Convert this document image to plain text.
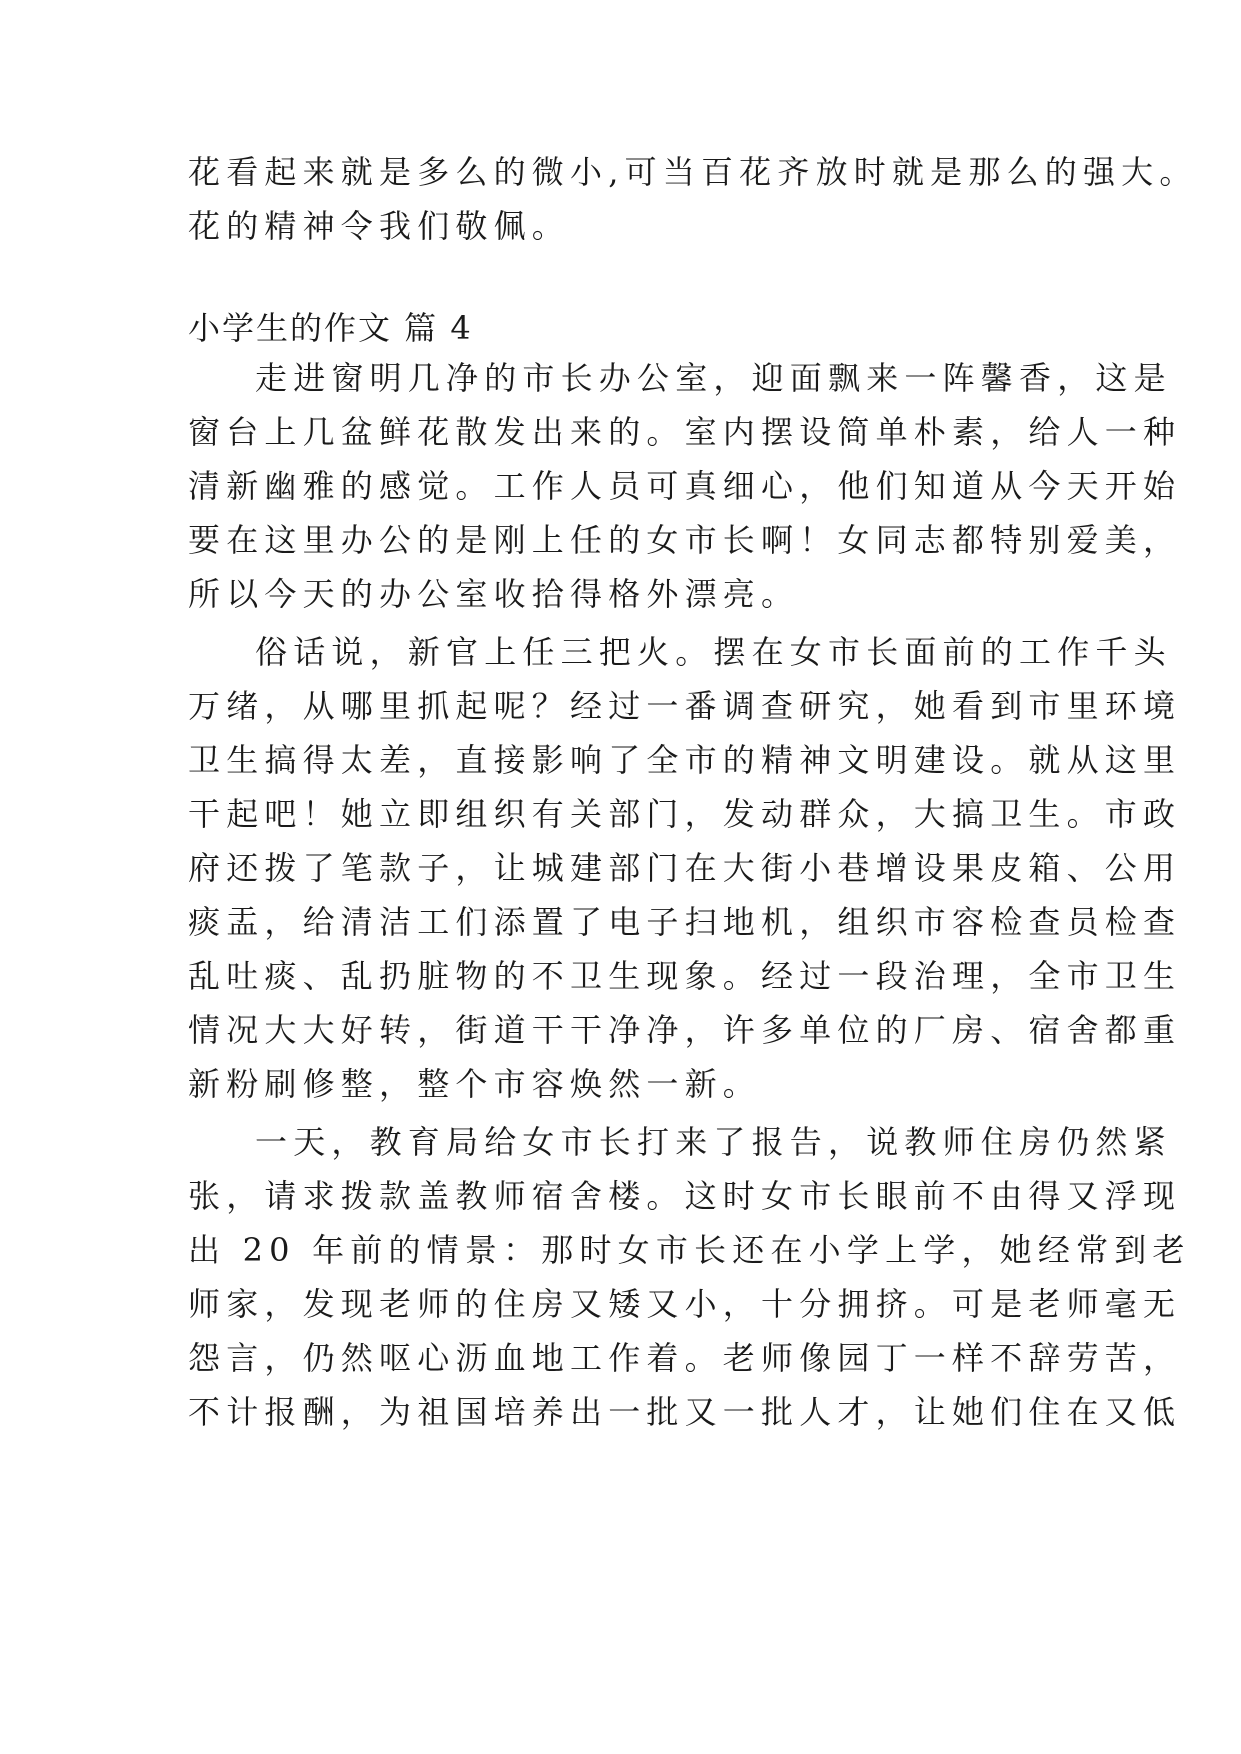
花看起来就是多么的微小,可当百花齐放时就是那么的强大。
花的精神令我们敬佩。
小学生的作文 篇 4
走进窗明几净的市长办公室，迎面飘来一阵馨香，这是
窗台上几盆鲜花散发出来的。室内摆设简单朴素，给人一种
清新幽雅的感觉。工作人员可真细心，他们知道从今天开始
要在这里办公的是刚上任的女市长啊！女同志都特别爱美，
所以今天的办公室收拾得格外漂亮。
俗话说，新官上任三把火。摆在女市长面前的工作千头
万绪，从哪里抓起呢？经过一番调查研究，她看到市里环境
卫生搞得太差，直接影响了全市的精神文明建设。就从这里
干起吧！她立即组织有关部门，发动群众，大搞卫生。市政
府还拨了笔款子，让城建部门在大街小巷增设果皮箱、公用
痰盂，给清洁工们添置了电子扫地机，组织市容检查员检查
乱吐痰、乱扔脏物的不卫生现象。经过一段治理，全市卫生
情况大大好转，街道干干净净，许多单位的厂房、宿舍都重
新粉刷修整，整个市容焕然一新。
一天，教育局给女市长打来了报告，说教师住房仍然紧
张，请求拨款盖教师宿舍楼。这时女市长眼前不由得又浮现
出 20 年前的情景：那时女市长还在小学上学，她经常到老
师家，发现老师的住房又矮又小，十分拥挤。可是老师毫无
怨言，仍然呕心沥血地工作着。老师像园丁一样不辞劳苦，
不计报酬，为祖国培养出一批又一批人才，让她们住在又低
